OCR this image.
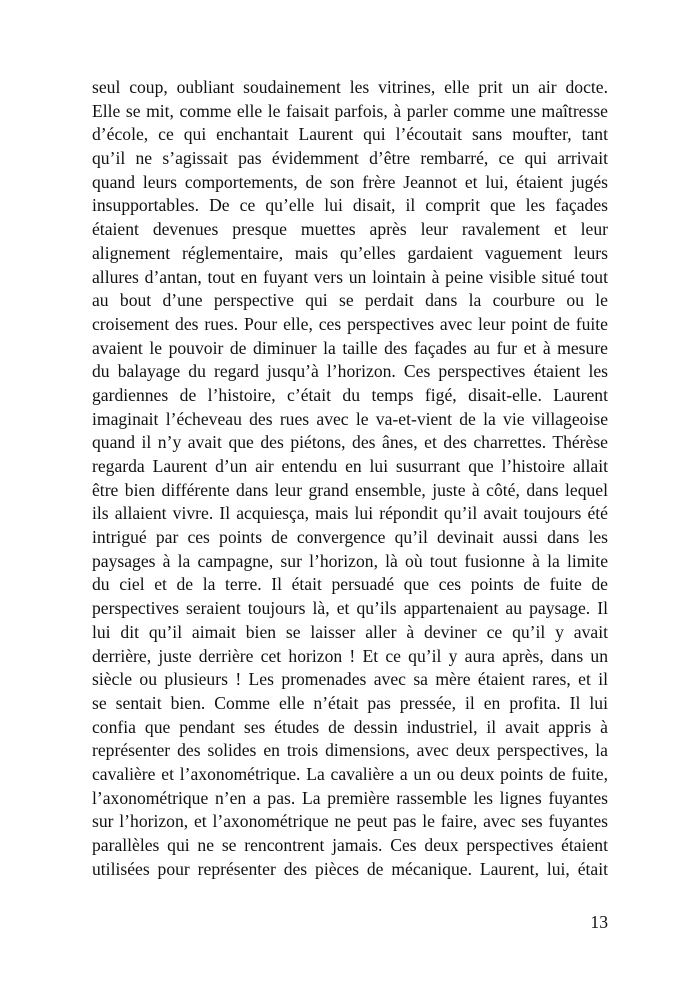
seul coup, oubliant soudainement les vitrines, elle prit un air docte.
Elle se mit, comme elle le faisait parfois, à parler comme une maîtresse
d’école, ce qui enchantait Laurent qui l’écoutait sans moufter, tant
qu’il ne s’agissait pas évidemment d’être rembarré, ce qui arrivait
quand leurs comportements, de son frère Jeannot et lui, étaient jugés
insupportables. De ce qu’elle lui disait, il comprit que les façades
étaient devenues presque muettes après leur ravalement et leur
alignement réglementaire, mais qu’elles gardaient vaguement leurs
allures d’antan, tout en fuyant vers un lointain à peine visible situé tout
au bout d’une perspective qui se perdait dans la courbure ou le
croisement des rues. Pour elle, ces perspectives avec leur point de fuite
avaient le pouvoir de diminuer la taille des façades au fur et à mesure
du balayage du regard jusqu’à l’horizon. Ces perspectives étaient les
gardiennes de l’histoire, c’était du temps figé, disait-elle. Laurent
imaginait l’écheveau des rues avec le va-et-vient de la vie villageoise
quand il n’y avait que des piétons, des ânes, et des charrettes. Thérèse
regarda Laurent d’un air entendu en lui susurrant que l’histoire allait
être bien différente dans leur grand ensemble, juste à côté, dans lequel
ils allaient vivre. Il acquiesça, mais lui répondit qu’il avait toujours été
intrigué par ces points de convergence qu’il devinait aussi dans les
paysages à la campagne, sur l’horizon, là où tout fusionne à la limite
du ciel et de la terre. Il était persuadé que ces points de fuite de
perspectives seraient toujours là, et qu’ils appartenaient au paysage. Il
lui dit qu’il aimait bien se laisser aller à deviner ce qu’il y avait
derrière, juste derrière cet horizon ! Et ce qu’il y aura après, dans un
siècle ou plusieurs ! Les promenades avec sa mère étaient rares, et il
se sentait bien. Comme elle n’était pas pressée, il en profita. Il lui
confia que pendant ses études de dessin industriel, il avait appris à
représenter des solides en trois dimensions, avec deux perspectives, la
cavalière et l’axonométrique. La cavalière a un ou deux points de fuite,
l’axonométrique n’en a pas. La première rassemble les lignes fuyantes
sur l’horizon, et l’axonométrique ne peut pas le faire, avec ses fuyantes
parallèles qui ne se rencontrent jamais. Ces deux perspectives étaient
utilisées pour représenter des pièces de mécanique. Laurent, lui, était
13
